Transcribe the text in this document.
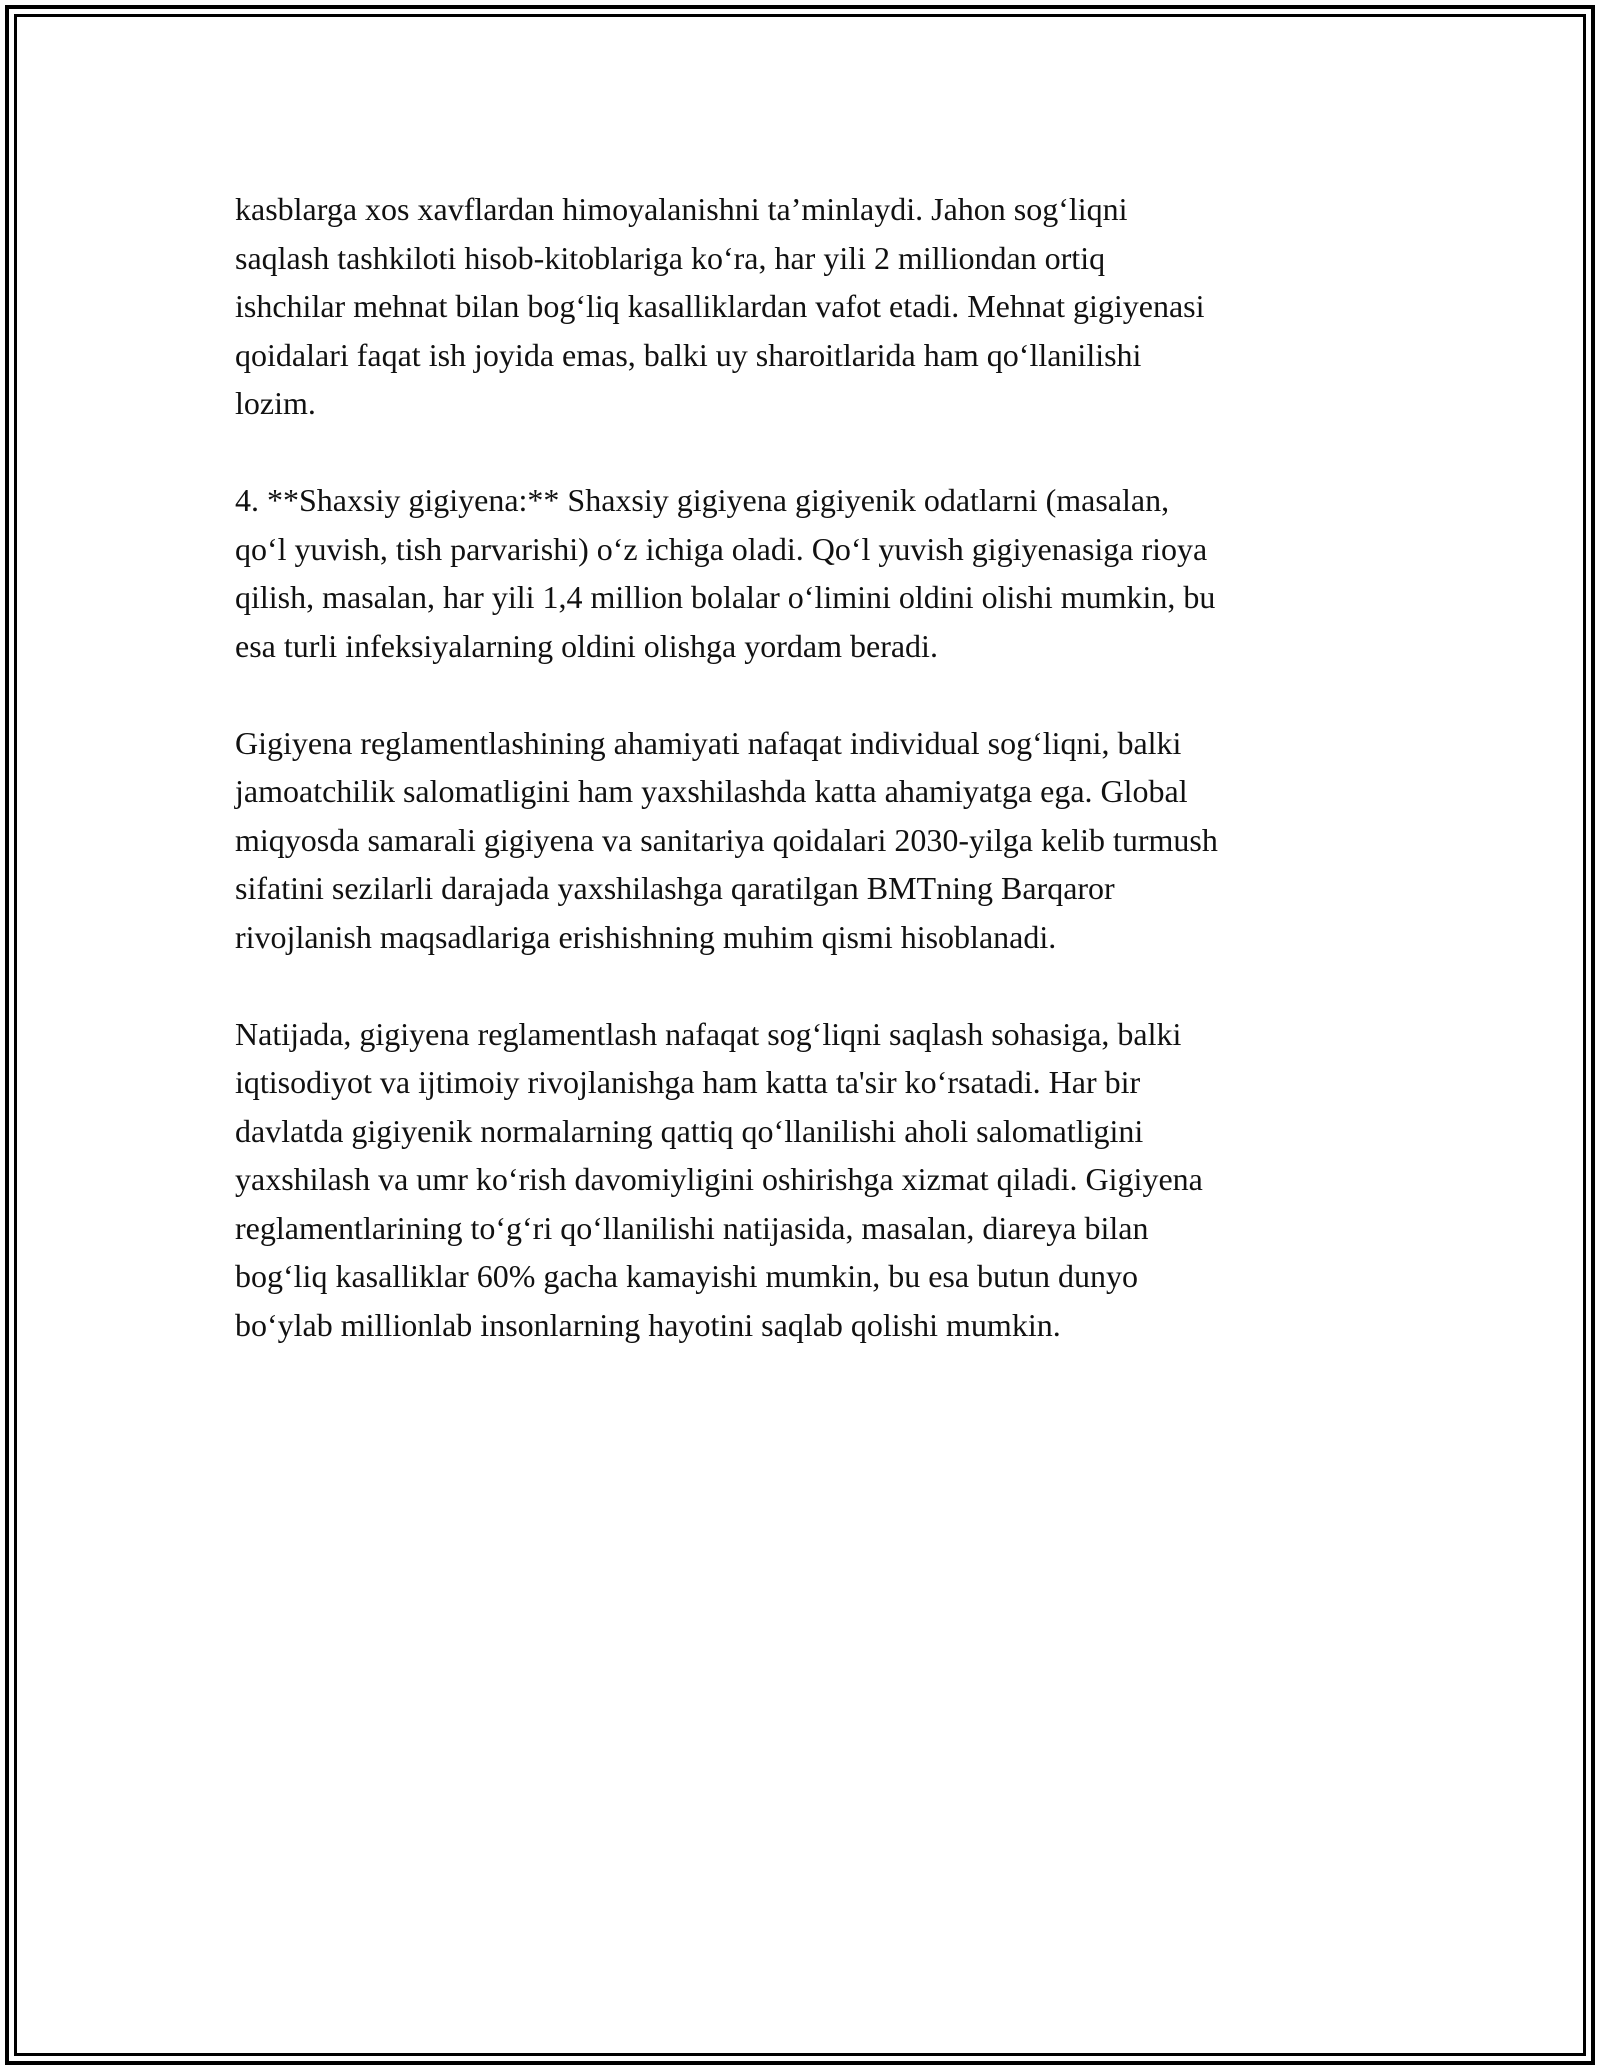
kasblarga xos xavflardan himoyalanishni ta’minlaydi. Jahon sog‘liqni
saqlash tashkiloti hisob-kitoblariga ko‘ra, har yili 2 milliondan ortiq
ishchilar mehnat bilan bog‘liq kasalliklardan vafot etadi. Mehnat gigiyenasi
qoidalari faqat ish joyida emas, balki uy sharoitlarida ham qo‘llanilishi
lozim.

4. **Shaxsiy gigiyena:** Shaxsiy gigiyena gigiyenik odatlarni (masalan,
qo‘l yuvish, tish parvarishi) o‘z ichiga oladi. Qo‘l yuvish gigiyenasiga rioya
qilish, masalan, har yili 1,4 million bolalar o‘limini oldini olishi mumkin, bu
esa turli infeksiyalarning oldini olishga yordam beradi.

Gigiyena reglamentlashining ahamiyati nafaqat individual sog‘liqni, balki
jamoatchilik salomatligini ham yaxshilashda katta ahamiyatga ega. Global
miqyosda samarali gigiyena va sanitariya qoidalari 2030-yilga kelib turmush
sifatini sezilarli darajada yaxshilashga qaratilgan BMTning Barqaror
rivojlanish maqsadlariga erishishning muhim qismi hisoblanadi.

Natijada, gigiyena reglamentlash nafaqat sog‘liqni saqlash sohasiga, balki
iqtisodiyot va ijtimoiy rivojlanishga ham katta ta'sir ko‘rsatadi. Har bir
davlatda gigiyenik normalarning qattiq qo‘llanilishi aholi salomatligini
yaxshilash va umr ko‘rish davomiyligini oshirishga xizmat qiladi. Gigiyena
reglamentlarining to‘g‘ri qo‘llanilishi natijasida, masalan, diareya bilan
bog‘liq kasalliklar 60% gacha kamayishi mumkin, bu esa butun dunyo
bo‘ylab millionlab insonlarning hayotini saqlab qolishi mumkin.
